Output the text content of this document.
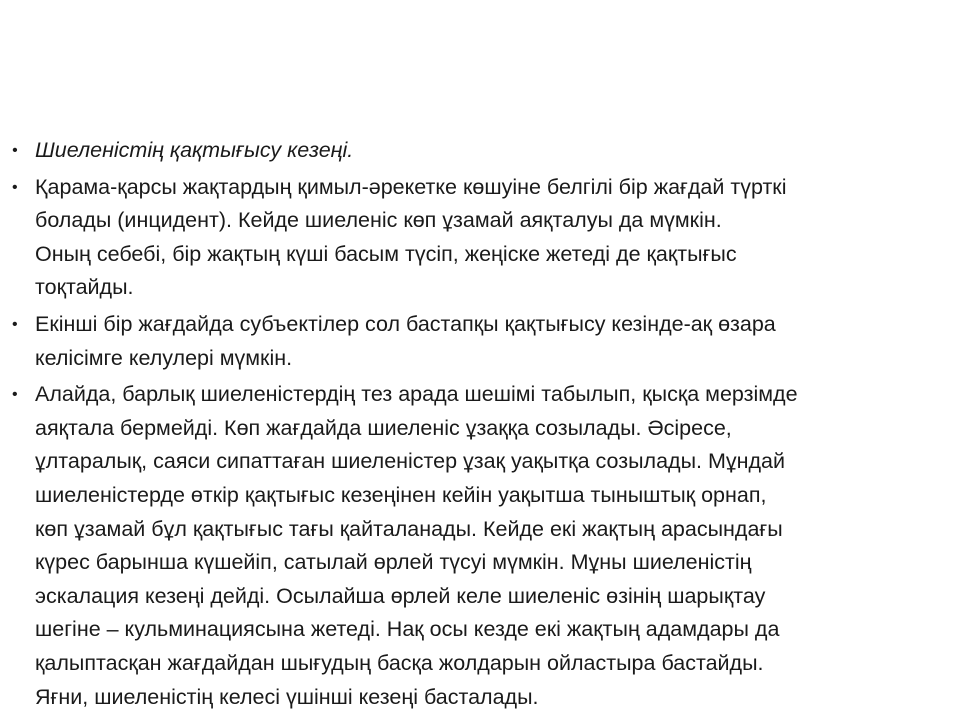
• Шиеленістің қақтығысу кезеңі.
• Қарама-қарсы жақтардың қимыл-әрекетке көшуіне белгілі бір жағдай түрткі
болады (инцидент). Кейде шиеленіс көп ұзамай аяқталуы да мүмкін.
Оның себебі, бір жақтың күші басым түсіп, жеңіске жетеді де қақтығыс
тоқтайды.
• Екінші бір жағдайда субъектілер сол бастапқы қақтығысу кезінде-ақ өзара
келісімге келулері мүмкін.
• Алайда, барлық шиеленістердің тез арада шешімі табылып, қысқа мерзімде
аяқтала бермейді. Көп жағдайда шиеленіс ұзаққа созылады. Әсіресе,
ұлтаралық, саяси сипаттаған шиеленістер ұзақ уақытқа созылады. Мұндай
шиеленістерде өткір қақтығыс кезеңінен кейін уақытша тыныштық орнап,
көп ұзамай бұл қақтығыс тағы қайталанады. Кейде екі жақтың арасындағы
күрес барынша күшейіп, сатылай өрлей түсуі мүмкін. Мұны шиеленістің
эскалация кезеңі дейді. Осылайша өрлей келе шиеленіс өзінің шарықтау
шегіне – кульминациясына жетеді. Нақ осы кезде екі жақтың адамдары да
қалыптасқан жағдайдан шығудың басқа жолдарын ойластыра бастайды.
Яғни, шиеленістің келесі үшінші кезеңі басталады.
